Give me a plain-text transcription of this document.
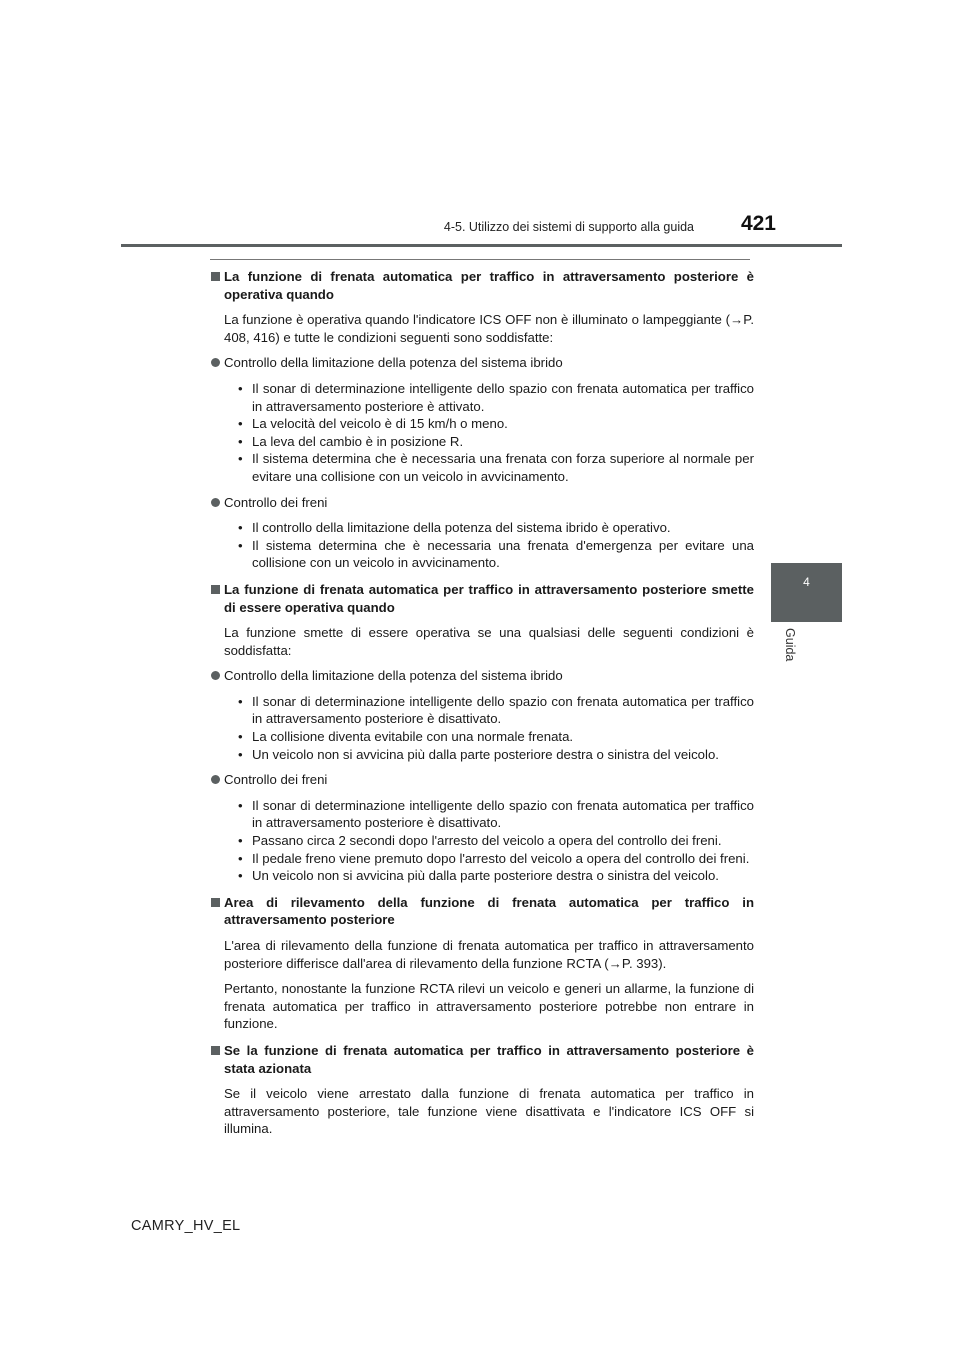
4-5. Utilizzo dei sistemi di supporto alla guida	421
4
Guida

La funzione di frenata automatica per traffico in attraversamento posteriore è operativa quando

La funzione è operativa quando l'indicatore ICS OFF non è illuminato o lampeggiante (→P. 408, 416) e tutte le condizioni seguenti sono soddisfatte:

Controllo della limitazione della potenza del sistema ibrido
• Il sonar di determinazione intelligente dello spazio con frenata automatica per traffico in attraversamento posteriore è attivato.
• La velocità del veicolo è di 15 km/h o meno.
• La leva del cambio è in posizione R.
• Il sistema determina che è necessaria una frenata con forza superiore al normale per evitare una collisione con un veicolo in avvicinamento.
Controllo dei freni
• Il controllo della limitazione della potenza del sistema ibrido è operativo.
• Il sistema determina che è necessaria una frenata d'emergenza per evitare una collisione con un veicolo in avvicinamento.

La funzione di frenata automatica per traffico in attraversamento posteriore smette di essere operativa quando

La funzione smette di essere operativa se una qualsiasi delle seguenti condizioni è soddisfatta:

Controllo della limitazione della potenza del sistema ibrido
• Il sonar di determinazione intelligente dello spazio con frenata automatica per traffico in attraversamento posteriore è disattivato.
• La collisione diventa evitabile con una normale frenata.
• Un veicolo non si avvicina più dalla parte posteriore destra o sinistra del veicolo.
Controllo dei freni
• Il sonar di determinazione intelligente dello spazio con frenata automatica per traffico in attraversamento posteriore è disattivato.
• Passano circa 2 secondi dopo l'arresto del veicolo a opera del controllo dei freni.
• Il pedale freno viene premuto dopo l'arresto del veicolo a opera del controllo dei freni.
• Un veicolo non si avvicina più dalla parte posteriore destra o sinistra del veicolo.

Area di rilevamento della funzione di frenata automatica per traffico in attraversamento posteriore

L'area di rilevamento della funzione di frenata automatica per traffico in attraversamento posteriore differisce dall'area di rilevamento della funzione RCTA (→P. 393).

Pertanto, nonostante la funzione RCTA rilevi un veicolo e generi un allarme, la funzione di frenata automatica per traffico in attraversamento posteriore potrebbe non entrare in funzione.

Se la funzione di frenata automatica per traffico in attraversamento posteriore è stata azionata

Se il veicolo viene arrestato dalla funzione di frenata automatica per traffico in attraversamento posteriore, tale funzione viene disattivata e l'indicatore ICS OFF si illumina.

CAMRY_HV_EL
